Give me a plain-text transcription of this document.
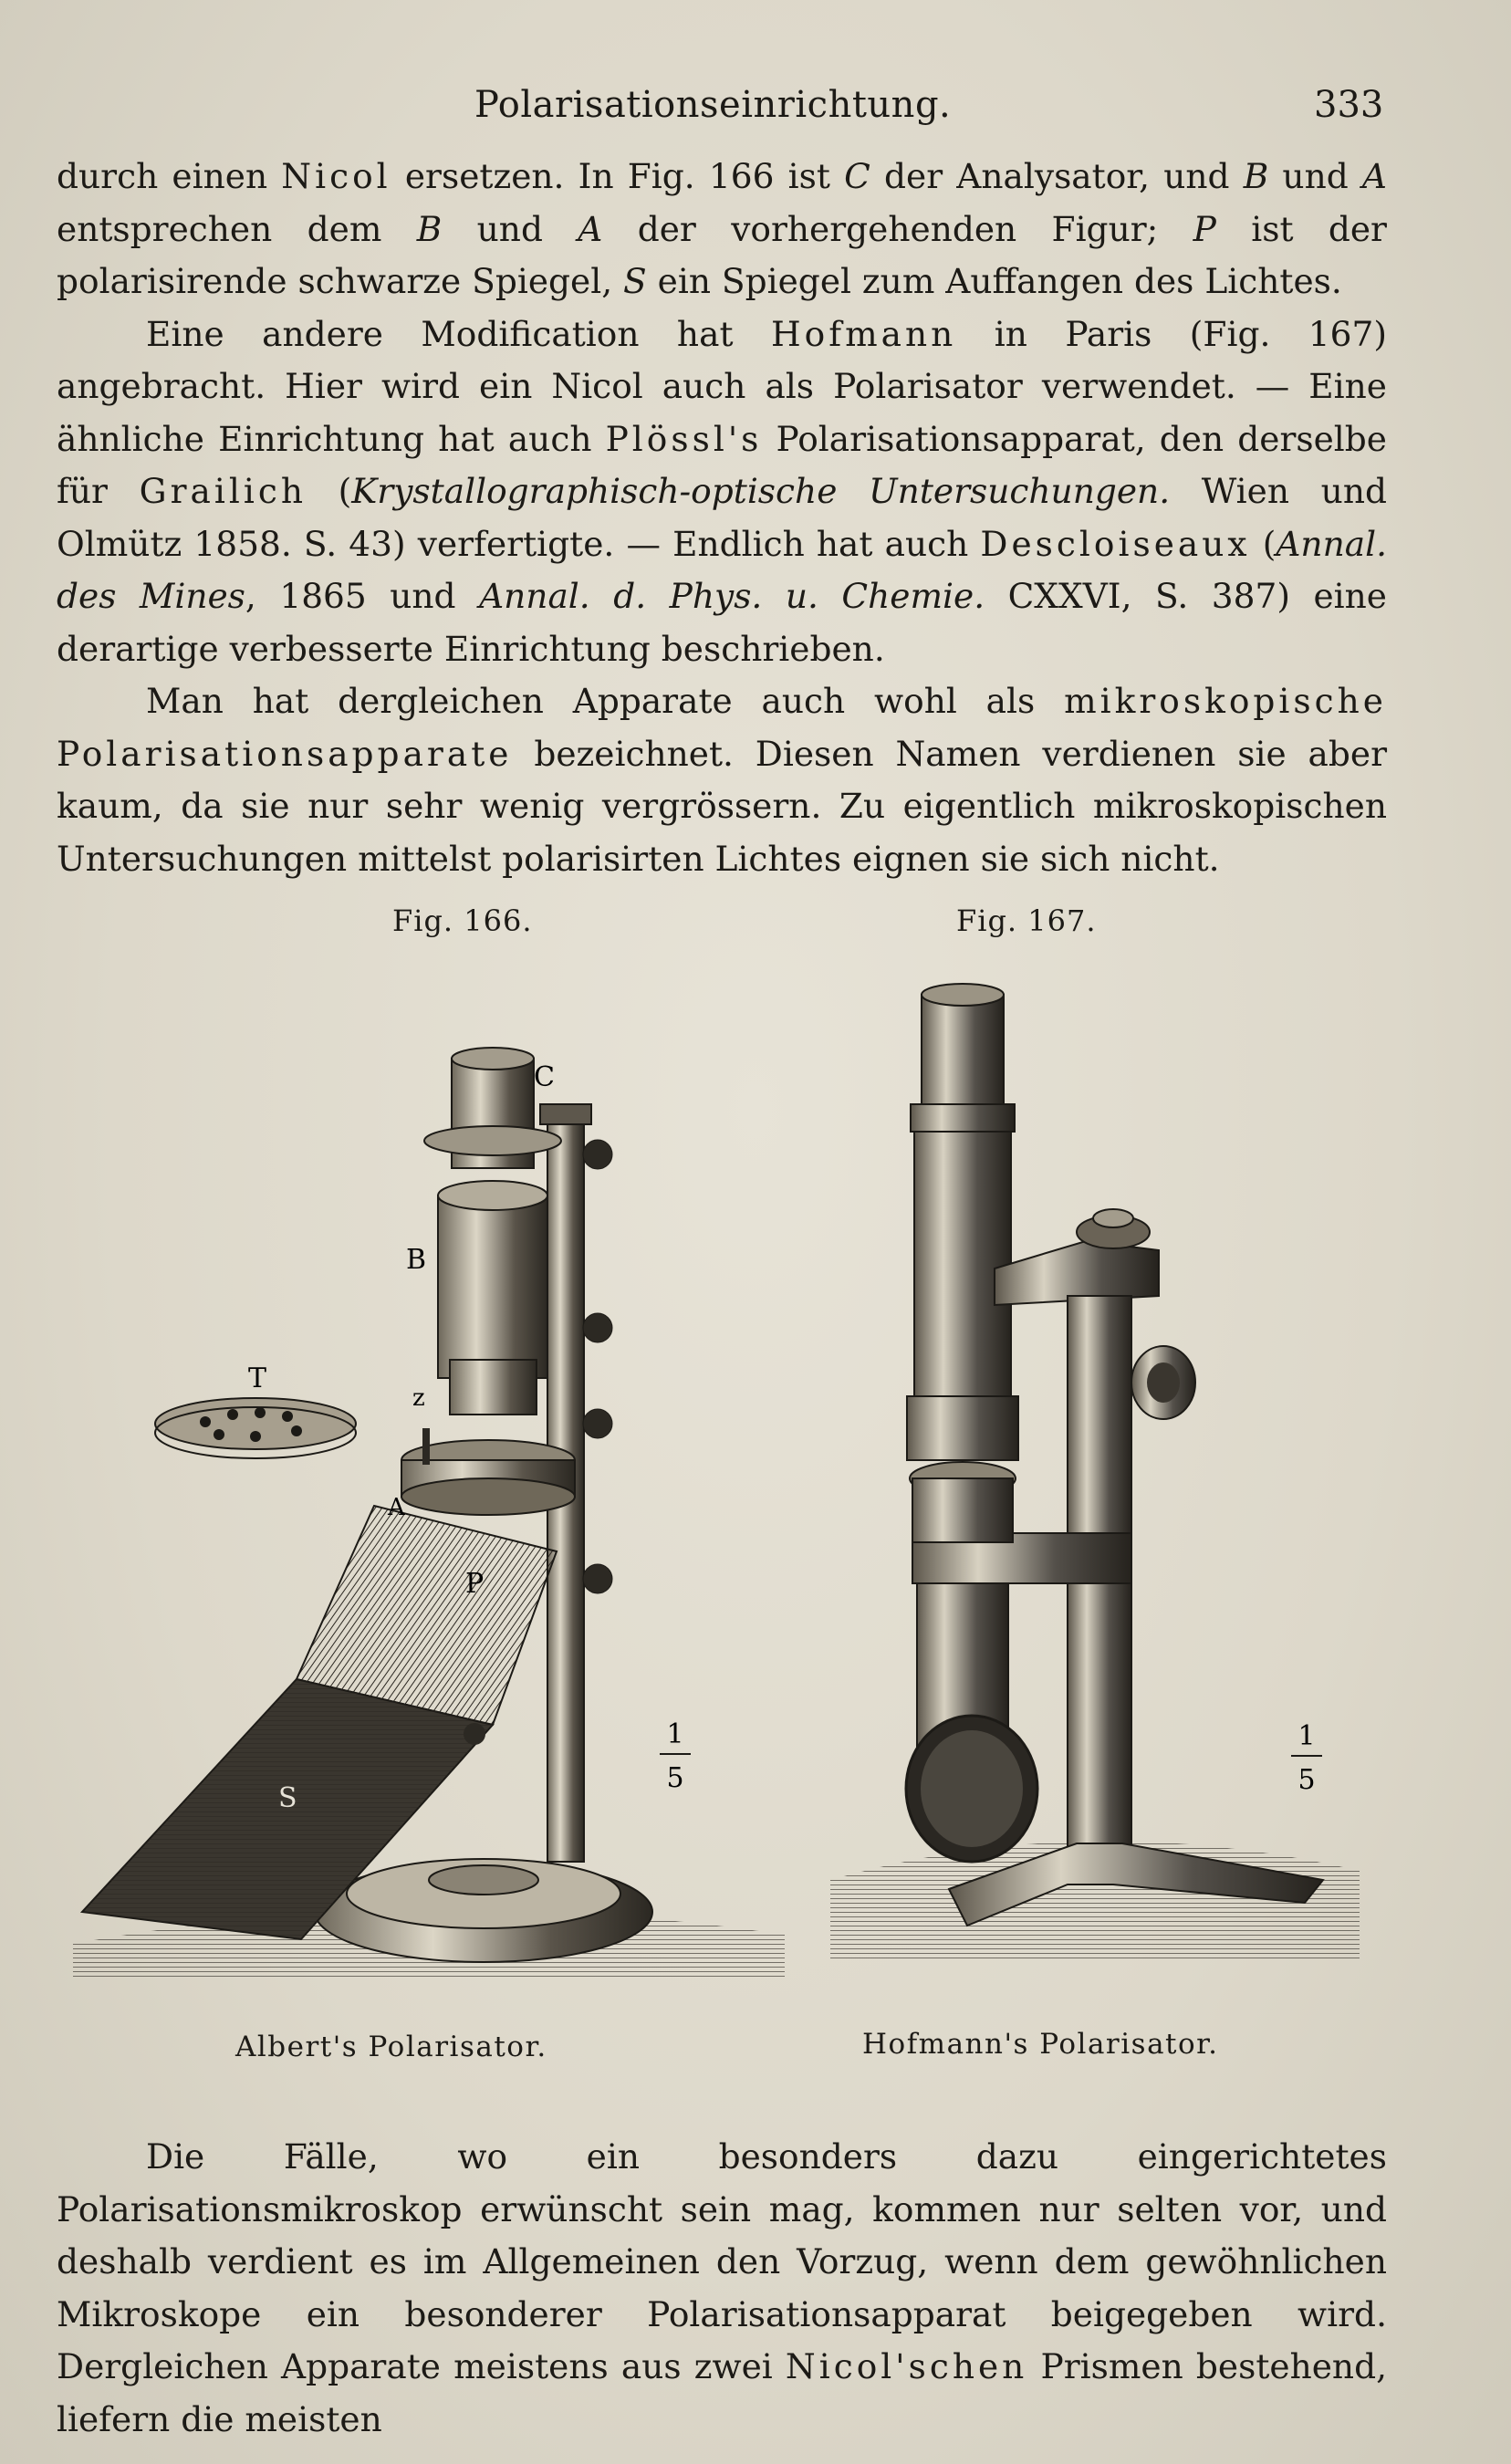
Polarisationseinrichtung.	333

durch einen Nicol ersetzen. In Fig. 166 ist C der Analysator, und B und A entsprechen dem B und A der vorhergehenden Figur; P ist der polarisirende schwarze Spiegel, S ein Spiegel zum Auffangen des Lichtes.

Eine andere Modification hat Hofmann in Paris (Fig. 167) angebracht. Hier wird ein Nicol auch als Polarisator verwendet. — Eine ähnliche Einrichtung hat auch Plössl's Polarisationsapparat, den derselbe für Grailich (Krystallographisch-optische Untersuchungen. Wien und Olmütz 1858. S. 43) verfertigte. — Endlich hat auch Descloiseaux (Annal. des Mines, 1865 und Annal. d. Phys. u. Chemie. CXXVI, S. 387) eine derartige verbesserte Einrichtung beschrieben.

Man hat dergleichen Apparate auch wohl als mikroskopische Polarisationsapparate bezeichnet. Diesen Namen verdienen sie aber kaum, da sie nur sehr wenig vergrössern. Zu eigentlich mikroskopischen Untersuchungen mittelst polarisirten Lichtes eignen sie sich nicht.

Fig. 166.	Fig. 167.
C
B
T
z
A
P
S
1
5
1
5
Albert's Polarisator.	Hofmann's Polarisator.

Die Fälle, wo ein besonders dazu eingerichtetes Polarisationsmikroskop erwünscht sein mag, kommen nur selten vor, und deshalb verdient es im Allgemeinen den Vorzug, wenn dem gewöhnlichen Mikroskope ein besonderer Polarisationsapparat beigegeben wird. Dergleichen Apparate meistens aus zwei Nicol'schen Prismen bestehend, liefern die meisten
